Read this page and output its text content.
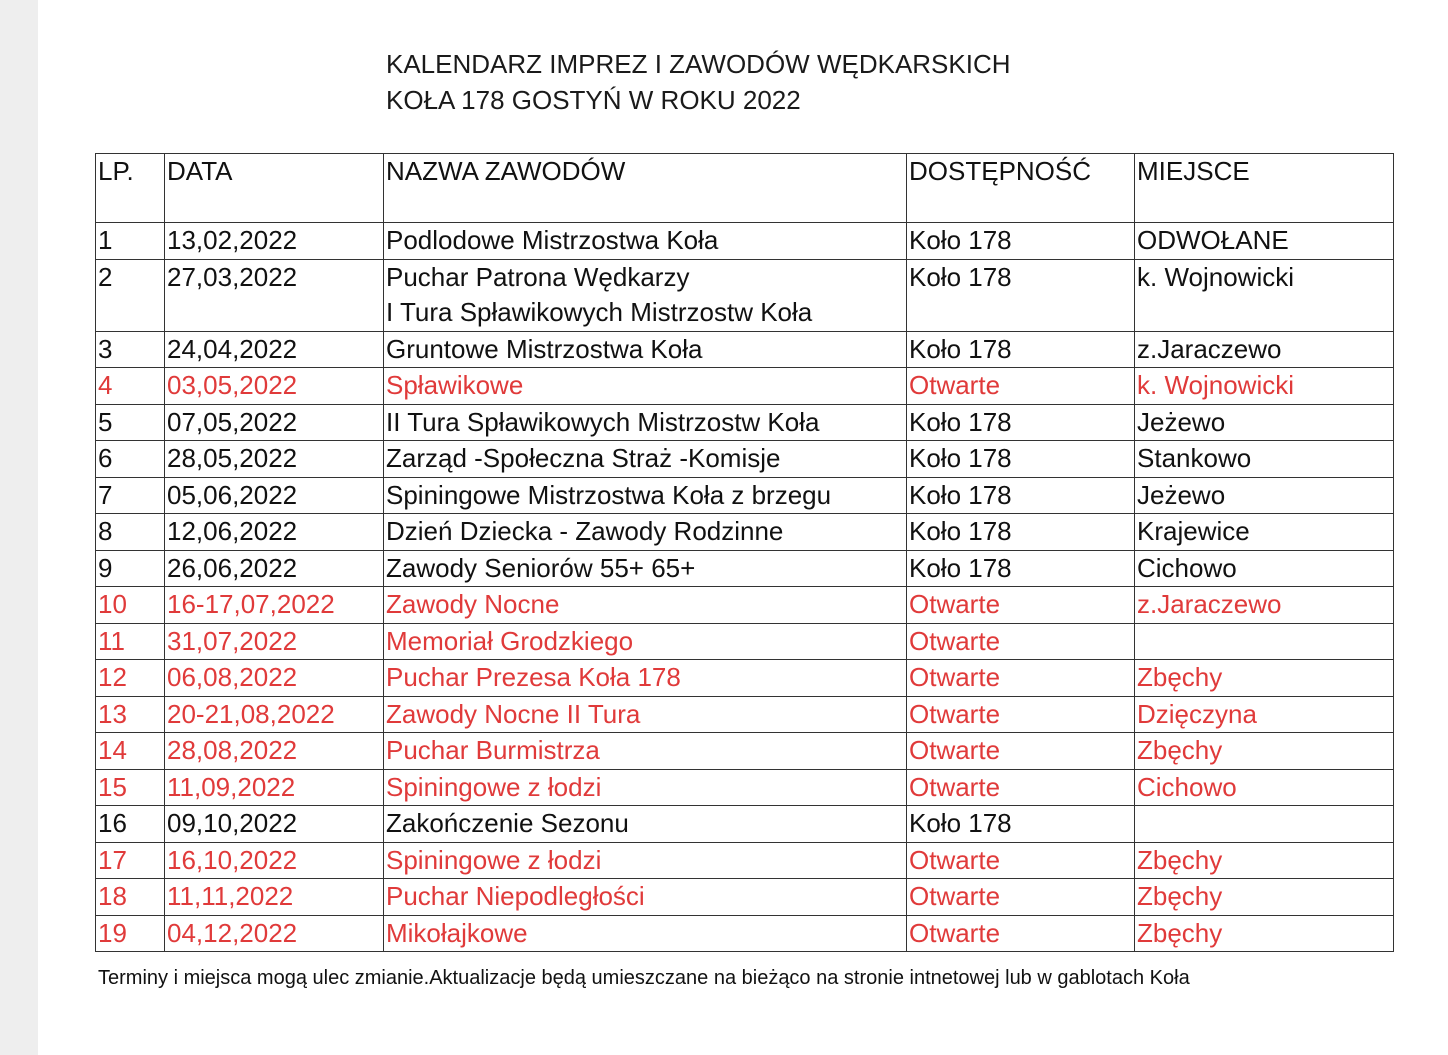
KALENDARZ IMPREZ I ZAWODÓW WĘDKARSKICH
KOŁA 178 GOSTYŃ W ROKU 2022
LP.	DATA	NAZWA ZAWODÓW	DOSTĘPNOŚĆ	MIEJSCE
1	13,02,2022	Podlodowe Mistrzostwa Koła	Koło 178	ODWOŁANE
2	27,03,2022	Puchar Patrona Wędkarzy
I Tura Spławikowych Mistrzostw Koła	Koło 178	k. Wojnowicki
3	24,04,2022	Gruntowe Mistrzostwa Koła	Koło 178	z.Jaraczewo
4	03,05,2022	Spławikowe	Otwarte	k. Wojnowicki
5	07,05,2022	II Tura Spławikowych Mistrzostw Koła	Koło 178	Jeżewo
6	28,05,2022	Zarząd -Społeczna Straż -Komisje	Koło 178	Stankowo
7	05,06,2022	Spiningowe Mistrzostwa Koła z brzegu	Koło 178	Jeżewo
8	12,06,2022	Dzień Dziecka - Zawody Rodzinne	Koło 178	Krajewice
9	26,06,2022	Zawody Seniorów 55+ 65+	Koło 178	Cichowo
10	16-17,07,2022	Zawody Nocne	Otwarte	z.Jaraczewo
11	31,07,2022	Memoriał Grodzkiego	Otwarte	
12	06,08,2022	Puchar Prezesa Koła 178	Otwarte	Zbęchy
13	20-21,08,2022	Zawody Nocne II Tura	Otwarte	Dzięczyna
14	28,08,2022	Puchar Burmistrza	Otwarte	Zbęchy
15	11,09,2022	Spiningowe z łodzi	Otwarte	Cichowo
16	09,10,2022	Zakończenie Sezonu	Koło 178	
17	16,10,2022	Spiningowe z łodzi	Otwarte	Zbęchy
18	11,11,2022	Puchar Niepodległości	Otwarte	Zbęchy
19	04,12,2022	Mikołajkowe	Otwarte	Zbęchy
Terminy i miejsca mogą ulec zmianie.Aktualizacje będą umieszczane na bieżąco na stronie intnetowej lub w gablotach Koła
